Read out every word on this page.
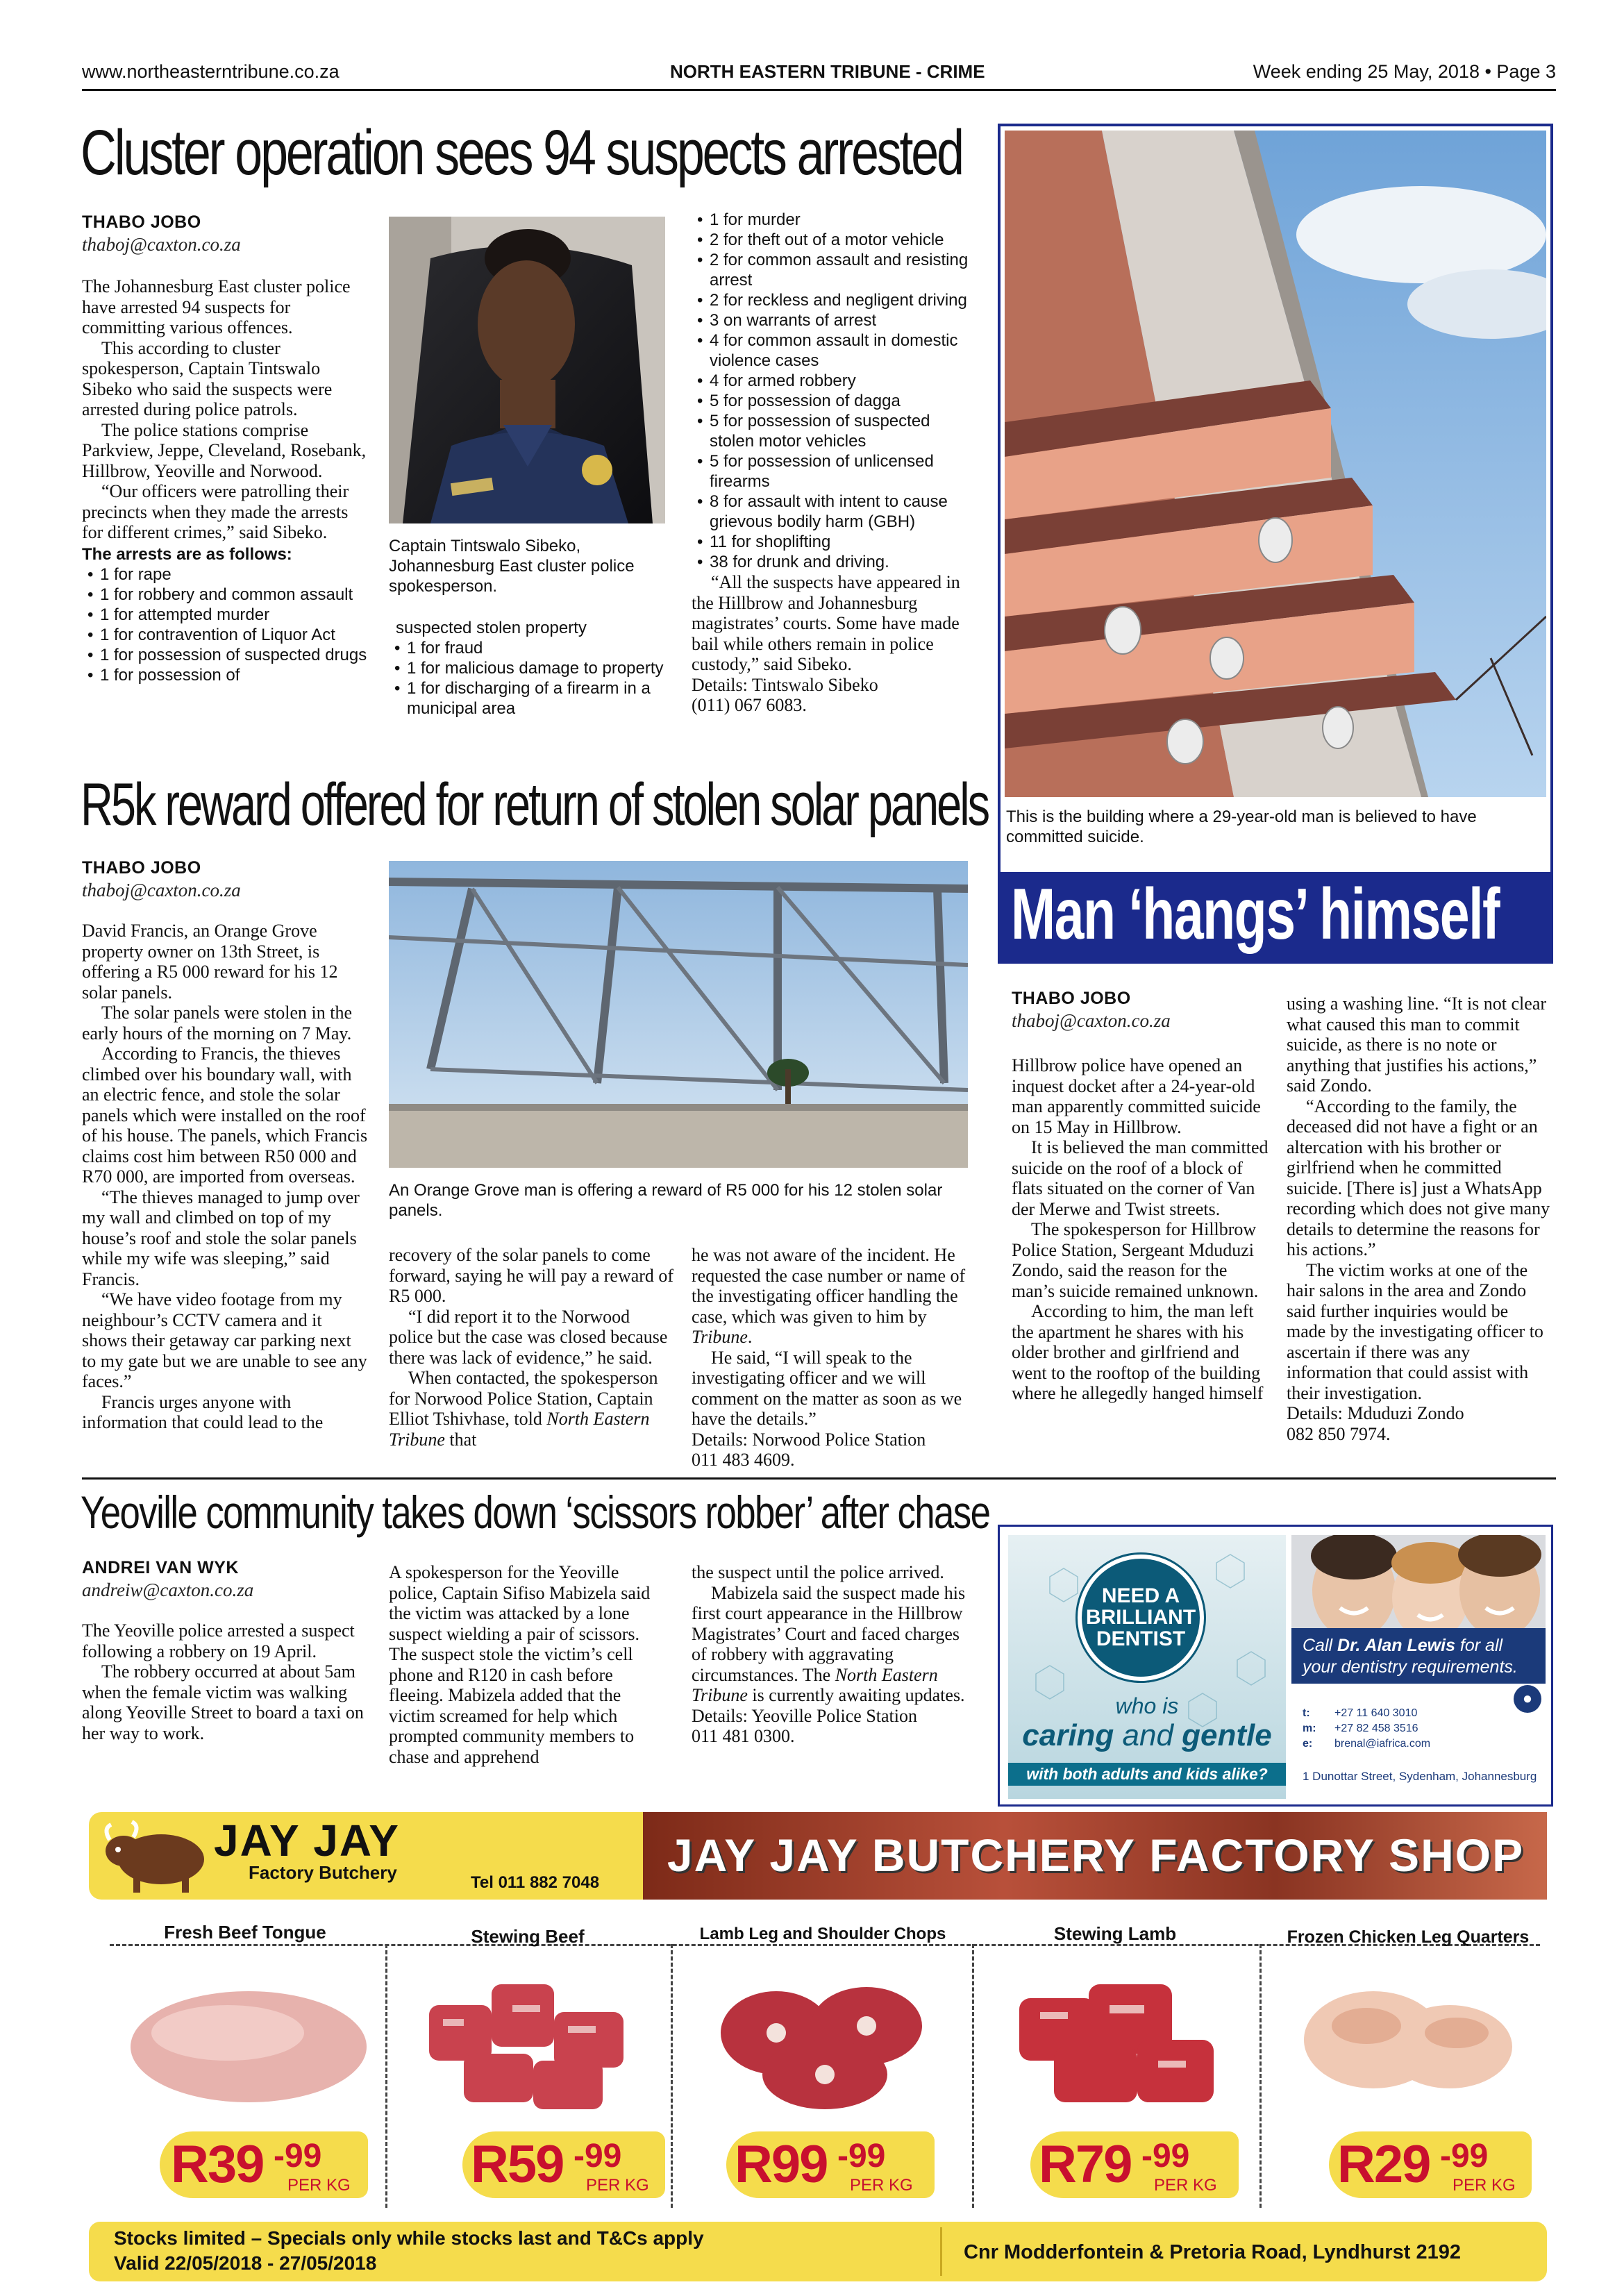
www.northeasterntribune.co.za	NORTH EASTERN TRIBUNE - CRIME	Week ending 25 May, 2018 • Page 3
Cluster operation sees 94 suspects arrested
THABO JOBO
thaboj@caxton.co.za

The Johannesburg East cluster police have arrested 94 suspects for committing various offences.

This according to cluster spokesperson, Captain Tintswalo Sibeko who said the suspects were arrested during police patrols.

The police stations comprise Parkview, Jeppe, Cleveland, Rosebank, Hillbrow, Yeoville and Norwood.

“Our officers were patrolling their precincts when they made the arrests for different crimes,” said Sibeko.

The arrests are as follows:
• 1 for rape
• 1 for robbery and common assault
• 1 for attempted murder
• 1 for contravention of Liquor Act
• 1 for possession of suspected drugs
• 1 for possession of
Captain Tintswalo Sibeko, Johannesburg East cluster police spokesperson.
suspected stolen property
• 1 for fraud
• 1 for malicious damage to property
• 1 for discharging of a firearm in a municipal area
• 1 for murder
• 2 for theft out of a motor vehicle
• 2 for common assault and resisting arrest
• 2 for reckless and negligent driving
• 3 on warrants of arrest
• 4 for common assault in domestic violence cases
• 4 for armed robbery
• 5 for possession of dagga
• 5 for possession of suspected stolen motor vehicles
• 5 for possession of unlicensed firearms
• 8 for assault with intent to cause grievous bodily harm (GBH)
• 11 for shoplifting
• 38 for drunk and driving.

“All the suspects have appeared in the Hillbrow and Johannesburg magistrates’ courts. Some have made bail while others remain in police custody,” said Sibeko.

Details: Tintswalo Sibeko

(011) 067 6083.

This is the building where a 29-year-old man is believed to have committed suicide.
Man ‘hangs’ himself
THABO JOBO
thaboj@caxton.co.za

Hillbrow police have opened an inquest docket after a 24-year-old man apparently committed suicide on 15 May in Hillbrow.

It is believed the man committed suicide on the roof of a block of flats situated on the corner of Van der Merwe and Twist streets.

The spokesperson for Hillbrow Police Station, Sergeant Mduduzi Zondo, said the reason for the man’s suicide remained unknown.

According to him, the man left the apartment he shares with his older brother and girlfriend and went to the rooftop of the building where he allegedly hanged himself

using a washing line. “It is not clear what caused this man to commit suicide, as there is no note or anything that justifies his actions,” said Zondo.

“According to the family, the deceased did not have a fight or an altercation with his brother or girlfriend when he committed suicide. [There is] just a WhatsApp recording which does not give many details to determine the reasons for his actions.”

The victim works at one of the hair salons in the area and Zondo said further inquiries would be made by the investigating officer to ascertain if there was any information that could assist with their investigation.

Details: Mduduzi Zondo

082 850 7974.

R5k reward offered for return of stolen solar panels
THABO JOBO
thaboj@caxton.co.za

David Francis, an Orange Grove property owner on 13th Street, is offering a R5 000 reward for his 12 solar panels.

The solar panels were stolen in the early hours of the morning on 7 May.

According to Francis, the thieves climbed over his boundary wall, with an electric fence, and stole the solar panels which were installed on the roof of his house. The panels, which Francis claims cost him between R50 000 and R70 000, are imported from overseas.

“The thieves managed to jump over my wall and climbed on top of my house’s roof and stole the solar panels while my wife was sleeping,” said Francis.

“We have video footage from my neighbour’s CCTV camera and it shows their getaway car parking next to my gate but we are unable to see any faces.”

Francis urges anyone with information that could lead to the

An Orange Grove man is offering a reward of R5 000 for his 12 stolen solar panels.

recovery of the solar panels to come forward, saying he will pay a reward of R5 000.

“I did report it to the Norwood police but the case was closed because there was lack of evidence,” he said.

When contacted, the spokesperson for Norwood Police Station, Captain Elliot Tshivhase, told North Eastern Tribune that

he was not aware of the incident. He requested the case number or name of the investigating officer handling the case, which was given to him by Tribune.

He said, “I will speak to the investigating officer and we will comment on the matter as soon as we have the details.”

Details: Norwood Police Station

011 483 4609.

Yeoville community takes down ‘scissors robber’ after chase
ANDREI VAN WYK
andreiw@caxton.co.za

The Yeoville police arrested a suspect following a robbery on 19 April.

The robbery occurred at about 5am when the female victim was walking along Yeoville Street to board a taxi on her way to work.

A spokesperson for the Yeoville police, Captain Sifiso Mabizela said the victim was attacked by a lone suspect wielding a pair of scissors. The suspect stole the victim’s cell phone and R120 in cash before fleeing. Mabizela added that the victim screamed for help which prompted community members to chase and apprehend

the suspect until the police arrived.

Mabizela said the suspect made his first court appearance in the Hillbrow Magistrates’ Court and faced charges of robbery with aggravating circumstances. The North Eastern Tribune is currently awaiting updates.

Details: Yeoville Police Station

011 481 0300.

NEED A
BRILLIANT
DENTIST
who is
caring and gentle
with both adults and kids alike?
Call Dr. Alan Lewis for all
your dentistry requirements.
●
t: +27 11 640 3010
m: +27 82 458 3516
e: brenal@iafrica.com
1 Dunottar Street, Sydenham, Johannesburg
JAY JAY
Factory Butchery	Tel 011 882 7048
JAY JAY BUTCHERY FACTORY SHOP
Fresh Beef Tongue
R39 -99
PER KG
Stewing Beef
R59 -99
PER KG
Lamb Leg and Shoulder Chops
R99 -99
PER KG
Stewing Lamb
R79 -99
PER KG
Frozen Chicken Leg Quarters
R29 -99
PER KG
Stocks limited – Specials only while stocks last and T&Cs apply
Valid 22/05/2018 - 27/05/2018	Cnr Modderfontein & Pretoria Road, Lyndhurst 2192
